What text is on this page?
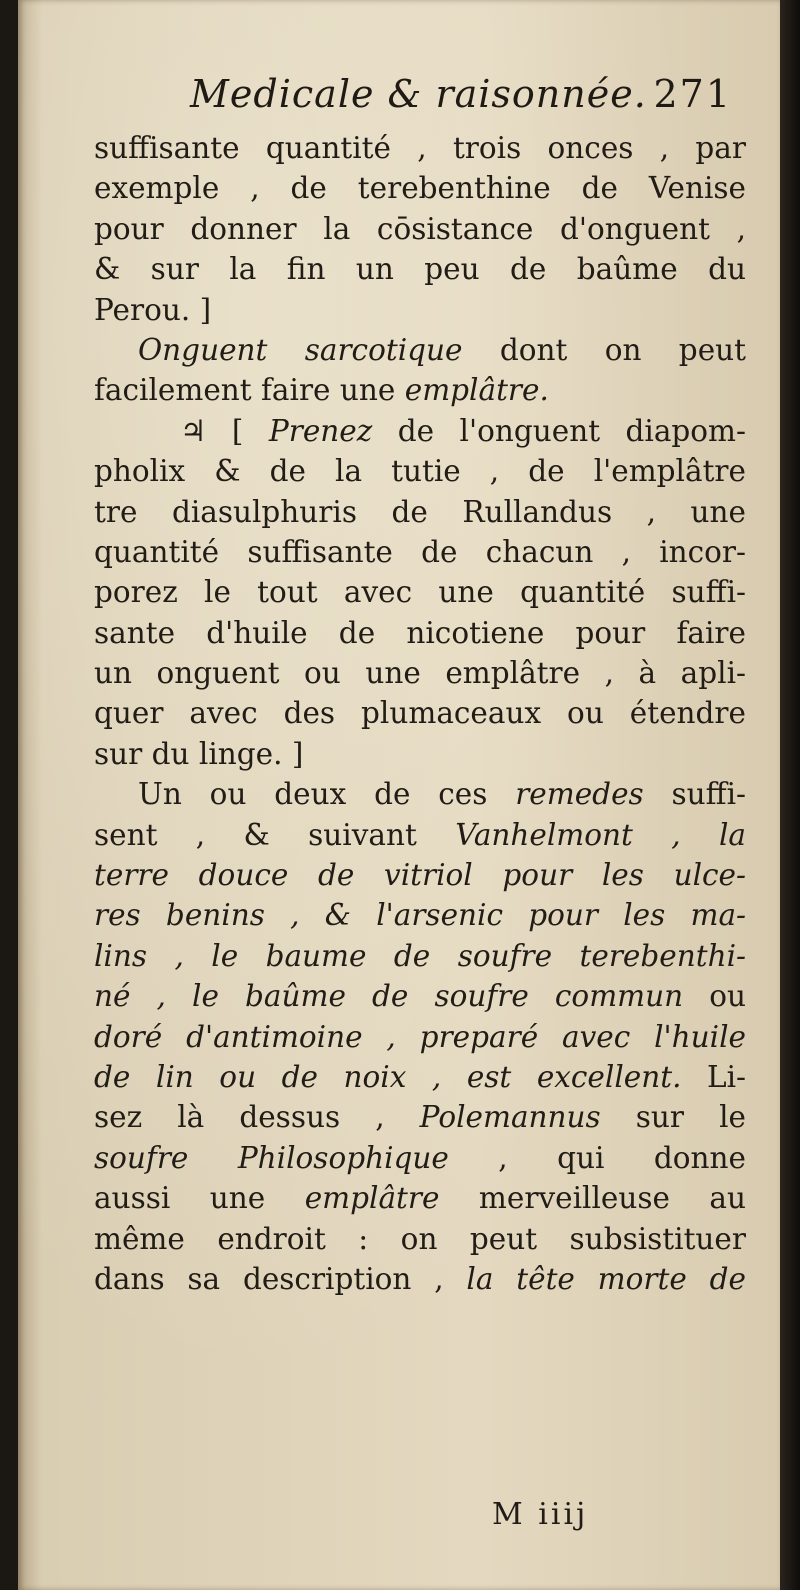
Medicale & raisonnée. 271
suffisante quantité , trois onces , par
exemple , de terebenthine de Venise
pour donner la cōsistance d'onguent ,
& sur la fin un peu de baûme du
Perou. ]
Onguent sarcotique dont on peut
facilement faire une emplâtre.
♃ [ Prenez de l'onguent diapom-
pholix & de la tutie , de l'emplâtre
tre diasulphuris de Rullandus , une
quantité suffisante de chacun , incor-
porez le tout avec une quantité suffi-
sante d'huile de nicotiene pour faire
un onguent ou une emplâtre , à apli-
quer avec des plumaceaux ou étendre
sur du linge. ]
Un ou deux de ces remedes suffi-
sent , & suivant Vanhelmont , la
terre douce de vitriol pour les ulce-
res benins , & l'arsenic pour les ma-
lins , le baume de soufre terebenthi-
né , le baûme de soufre commun ou
doré d'antimoine , preparé avec l'huile
de lin ou de noix , est excellent. Li-
sez là dessus , Polemannus sur le
soufre Philosophique , qui donne
aussi une emplâtre merveilleuse au
même endroit : on peut subsistituer
dans sa description , la tête morte de
M iiij
